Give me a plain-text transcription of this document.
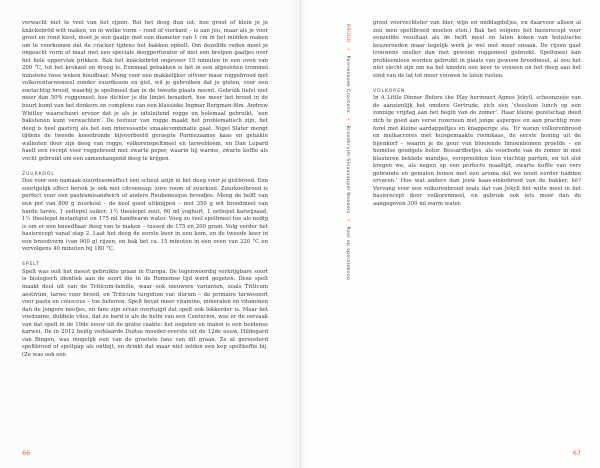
verwacht niet te veel van het rijzen. Rol het deeg dun uit; hoe groot of klein je je knäckebröd wilt maken, en in welke vorm – rond of vierkant – is aan jou, maar als je voor groot en rond kiest, moet je een gaatje met een diameter van 1 cm in het midden maken om te voorkomen dat de cracker tijdens het bakken opbolt. Om dezelfde reden moet je ongeacht vorm of maat met een speciale deegperforator of met een breipen gaatjes over het hele oppervlak prikken. Bak het knäckebröd ongeveer 15 minuten in een oven van 200 °C, tot het krokant en droog is. Eenmaal gebakken is het in een afgesloten trommel minstens twee weken houdbaar. Meng voor een makkelijker uitvoer maar roggebrood met volkorentarwemeel zonder zuurdesem en gist, wil je gebruiken dat je gisten, voor een zoetachtig brood, waarbij je speltmeel dan in de tweede plaats neemt. Gebruik liefst niet meer dan 50% roggemeel; hoe dichter je die limiet benadert, hoe meer het brood in de buurt komt van het donkere en complexe van een klassieke Ingmar Bergman-film. Andrew Whitley waarschuwt ervoor dat je als je uitsluitend rogge en bolemaal gebruikt, ‘een bakstenen kunt verwachten’. De textuur van rogge maakt het problematisch zijn, het deeg is heel gastvrij als het een interessante smaakcombinatie gaat. Nigel Slater mengt tijdens de tweede kneedronde bijvoorbeeld geraspte Parmezaanse kaas en gehakte walnoten door zijn deeg van rogge, volkorenspeltmeel en tarwebloem, en Dan Lepard haelt een recept voor roggebrood met zwarte peper, waarin hij warme, zwarte koffie als vocht gebruikt om een samenhangend deeg te krijgen.

ZUURKOOL

Doe voor een namaak-zuurdesemeffect een scheut azijn in het deeg voor je gistbrood. Een soortgelijk effect bereik je ook met citroensap: zure room of zuurkool. Zuurkoolbrood is perfect voor een pastramisandwich of andere Reubenesque broodjes. Meng de helft van een pot van 800 g zuurkool – de kool goed uitknijpen – met 350 g wit broodmeel van harde tarwe, 1 eetlepel suiker, 1½ theelepel zout, 60 ml yoghurt, 1 eetlepel karwijzaad, 1½ theelepel instantgist en 175 ml handwarm water. Voeg zo veel speltmeel toe als nodig is om er een kneedbaar deeg van te maken – tussen de 175 en 200 gram. Volg verder het basisrecept vanaf stap 2. Laat het deeg de eerste keer in een kom, en de tweede keer in een broodvorm (van 900 g) rijzen, en bak het ca. 15 minuten in een oven van 220 °C en vervolgens 40 minuten bij 180 °C.

SPELT

Spelt was ooit het meest gebruikte graan in Europa. De tegenwoordig verkrijgbare soort is biologisch identiek aan de soort die in de Romeinse tijd werd gegeten. Deze spelt maakt deel uit van de Triticum-familie, waar ook nieuwere varianten, zoals Triticum aestivum, tarwe voor brood, en Triticum turgidum var. durum – de primaire tarwesoort voor pasta en couscous – toe behoren. Spelt bevat meer vitamine, mineralen en vitaminen dan de jongere neefjes, en fans zijn ervan overtuigd dat spelt ook lekkerder is. Maar het voedzame, dubbele vlies, dat zo hard is als de helm van een Centurion, was er de oorzaak van dat spelt in de 19de eeuw uit de gratie raakte: het oogsten en malen is een heidense karwei. De in 2012 heilig verklaarde Duitse moeder-overste uit de 12de eeuw, Hildegard van Bingen, was mogelijk een van de grootste fans van dit graan. Ze at geroosterd speltbrood of speltpap als ontbijt, en drinkt dat maar niet zelden een kop speltkoffie bij. (Ze was ook een

66
BROOD • Pannenkoek Croutons • Broodkruim-Sinaasappel Noedels • Rooi op sperzieboon

groot voorvechtster van bier, wijn en middagdutjes, en daarvoor alleen al zou men speltbrood moeten eten.) Bak het volgens het basisrecept voor eenzelfde resultaat als de helft meel en laten koken van holistische keuzeroeden maar tegelijk werk je wel met meer smaak. De rijzen gaat trouwens sneller dan met gewoon roggemeel gebruikt. Speltmeel kan probleemloos worden gebruikt in plaats van gewoon broodmeel, al zou het niet slecht zijn om na het kneden een keer te vouwen en het deeg aan het eind van de lat tot meer vouwen te laten rusten.

VOLKOREN

In A Little Dinner Before the Play herinnert Agnes Jekyll, schoonzusje van de aanzienlijk het omdere Gertrude, zich een ‘vleesloze lunch op een zonnige vrijdag aan het begin van de zomer’. Haar kleine gezelschap deed zich te goed aan verse rozerieen met jonge asperges en aan prachtig roze forel met kleine aardappeltjes en knapperige sla. ‘Er waren volkorenbrood en melkacrores met huisgemaakte roomkaas, de eerste honing uit de bijenkorf – waarin je de geur van bloeiende limoenbomen proefde – en hemelse goudgele boter. Bessardbetjes, als voorbode van de zomer in met blaxteren beklede mandjes, verspreidden hun vluchtig parfum, en tot slot kregen we, als negen op een perfecte maaltijd, zwarte koffie van vers gebrande en gemalen bonen met een aroma dat we nooit eerder hadden ervaren.’ Hoe wat anders dan jouw kaas-sinkebrood van de bakker, hé? Vervang voor een volkorenbrood zoals dat van Jekyll het witte meel in het basisrecept door volkorenmeel, en gebruik ook iets meer dan de aangegeven 300 ml warm water.

67
